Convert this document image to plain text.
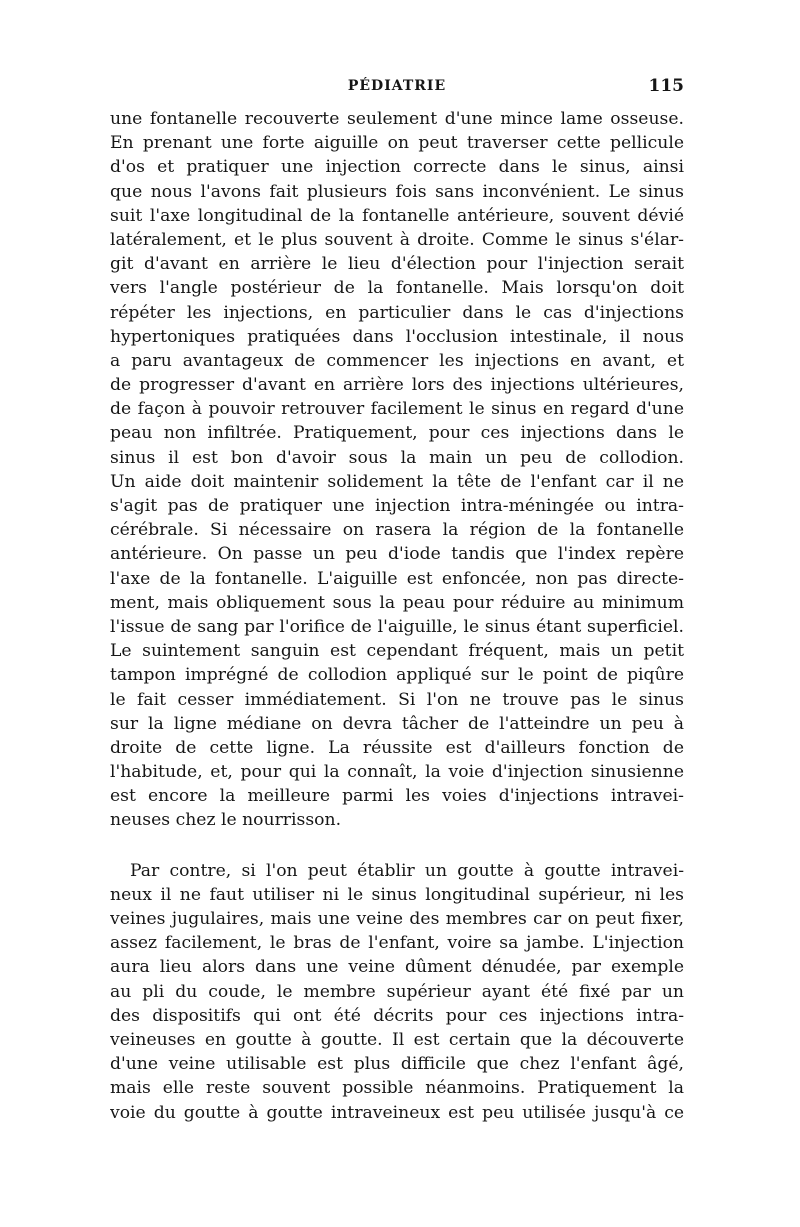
PÉDIATRIE	115
une fontanelle recouverte seulement d'une mince lame osseuse.
En prenant une forte aiguille on peut traverser cette pellicule
d'os et pratiquer une injection correcte dans le sinus, ainsi
que nous l'avons fait plusieurs fois sans inconvénient. Le sinus
suit l'axe longitudinal de la fontanelle antérieure, souvent dévié
latéralement, et le plus souvent à droite. Comme le sinus s'élar-
git d'avant en arrière le lieu d'élection pour l'injection serait
vers l'angle postérieur de la fontanelle. Mais lorsqu'on doit
répéter les injections, en particulier dans le cas d'injections
hypertoniques pratiquées dans l'occlusion intestinale, il nous
a paru avantageux de commencer les injections en avant, et
de progresser d'avant en arrière lors des injections ultérieures,
de façon à pouvoir retrouver facilement le sinus en regard d'une
peau non infiltrée. Pratiquement, pour ces injections dans le
sinus il est bon d'avoir sous la main un peu de collodion.
Un aide doit maintenir solidement la tête de l'enfant car il ne
s'agit pas de pratiquer une injection intra-méningée ou intra-
cérébrale. Si nécessaire on rasera la région de la fontanelle
antérieure. On passe un peu d'iode tandis que l'index repère
l'axe de la fontanelle. L'aiguille est enfoncée, non pas directe-
ment, mais obliquement sous la peau pour réduire au minimum
l'issue de sang par l'orifice de l'aiguille, le sinus étant superficiel.
Le suintement sanguin est cependant fréquent, mais un petit
tampon imprégné de collodion appliqué sur le point de piqûre
le fait cesser immédiatement. Si l'on ne trouve pas le sinus
sur la ligne médiane on devra tâcher de l'atteindre un peu à
droite de cette ligne. La réussite est d'ailleurs fonction de
l'habitude, et, pour qui la connaît, la voie d'injection sinusienne
est encore la meilleure parmi les voies d'injections intravei-
neuses chez le nourrisson.
Par contre, si l'on peut établir un goutte à goutte intravei-
neux il ne faut utiliser ni le sinus longitudinal supérieur, ni les
veines jugulaires, mais une veine des membres car on peut fixer,
assez facilement, le bras de l'enfant, voire sa jambe. L'injection
aura lieu alors dans une veine dûment dénudée, par exemple
au pli du coude, le membre supérieur ayant été fixé par un
des dispositifs qui ont été décrits pour ces injections intra-
veineuses en goutte à goutte. Il est certain que la découverte
d'une veine utilisable est plus difficile que chez l'enfant âgé,
mais elle reste souvent possible néanmoins. Pratiquement la
voie du goutte à goutte intraveineux est peu utilisée jusqu'à ce
